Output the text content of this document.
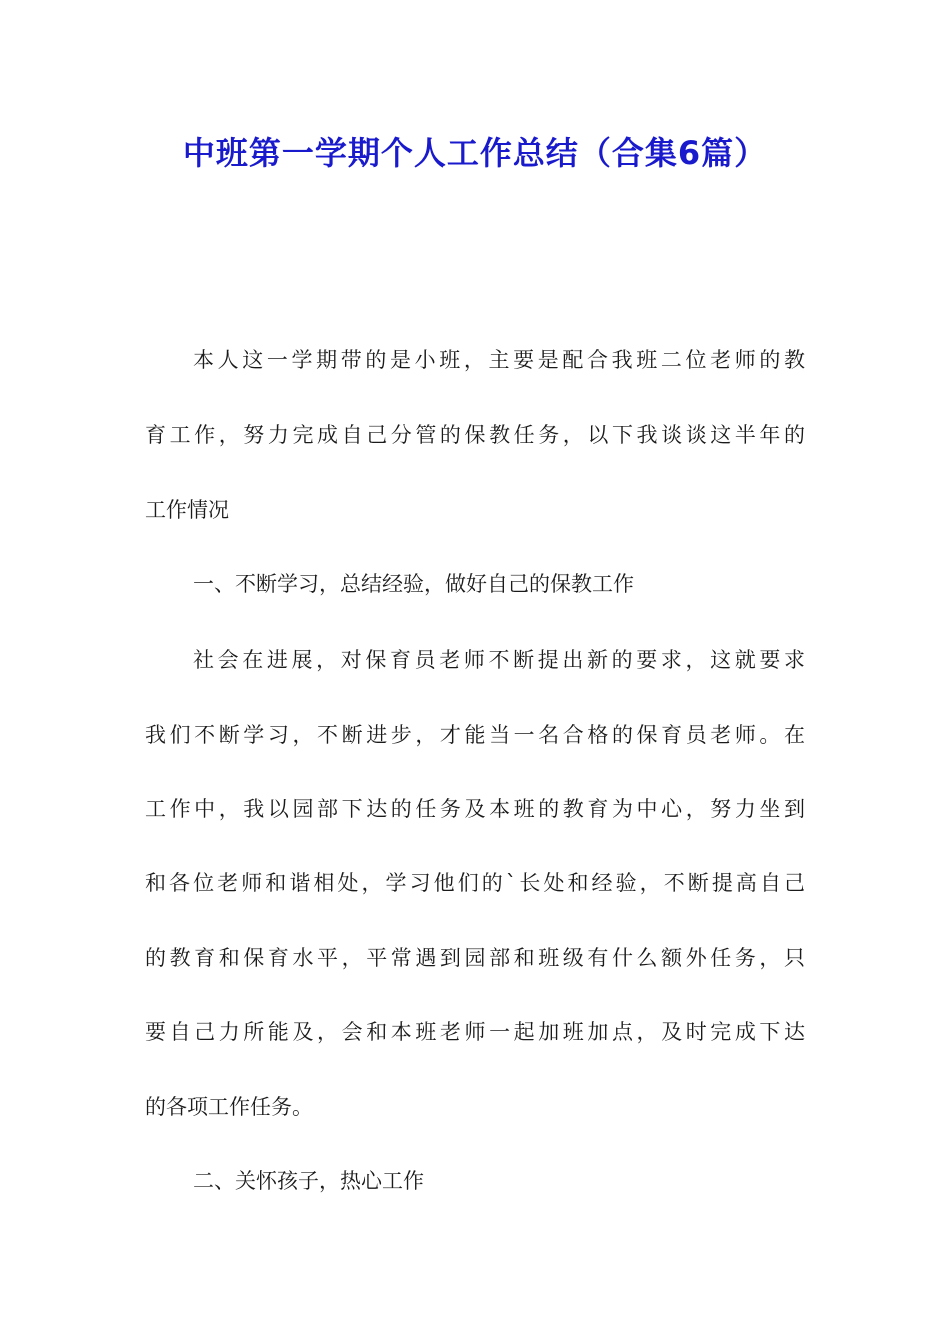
中班第一学期个人工作总结（合集6篇）
本人这一学期带的是小班，主要是配合我班二位老师的教
育工作，努力完成自己分管的保教任务，以下我谈谈这半年的
工作情况
一、不断学习，总结经验，做好自己的保教工作
社会在进展，对保育员老师不断提出新的要求，这就要求
我们不断学习，不断进步，才能当一名合格的保育员老师。在
工作中，我以园部下达的任务及本班的教育为中心，努力坐到
和各位老师和谐相处，学习他们的`长处和经验，不断提高自己
的教育和保育水平，平常遇到园部和班级有什么额外任务，只
要自己力所能及，会和本班老师一起加班加点，及时完成下达
的各项工作任务。
二、关怀孩子，热心工作
